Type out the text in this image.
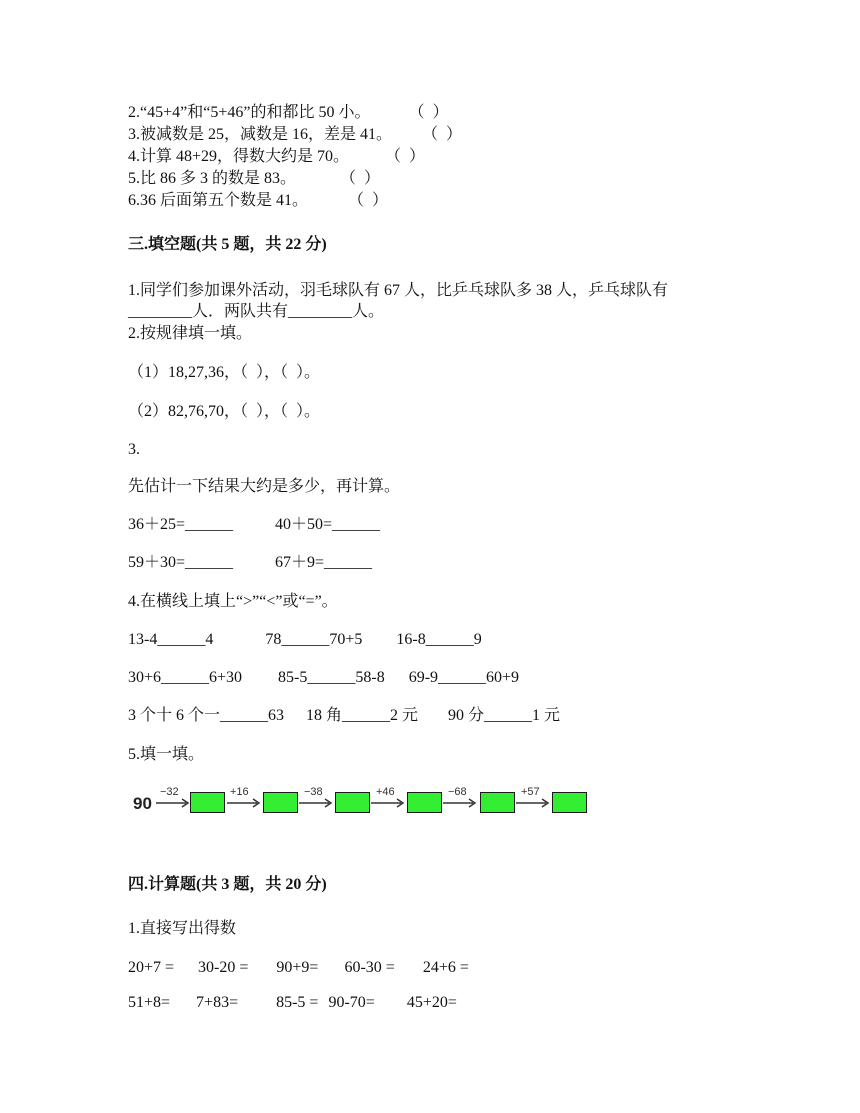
2.“45+4”和“5+46”的和都比 50 小。 （  ）
3.被减数是 25，减数是 16，差是 41。 （  ）
4.计算 48+29，得数大约是 70。 （  ）
5.比 86 多 3 的数是 83。	（  ）
6.36 后面第五个数是 41。	（  ）
三.填空题(共 5 题，共 22 分)
1.同学们参加课外活动，羽毛球队有 67 人，比乒乓球队多 38 人，乒乓球队有
________人．两队共有________人。
2.按规律填一填。
（1）18,27,36，（  ），（  ）。
（2）82,76,70，（  ），（  ）。
3.
先估计一下结果大约是多少，再计算。
36＋25=______	40＋50=______
59＋30=______	67＋9=______
4.在横线上填上“>”“<”或“=”。
13-4______4	78______70+5 16-8______9
30+6______6+30 85-5______58-8 69-9______60+9
3 个十 6 个一______63 18 角______2 元 90 分______1 元
5.填一填。
90
−32	+16	−38	+46	−68	+57
四.计算题(共 3 题，共 20 分)
1.直接写出得数
20+7 = 30-20 = 90+9= 60-30 = 24+6 =
51+8= 7+83= 85-5 = 90-70= 45+20=
